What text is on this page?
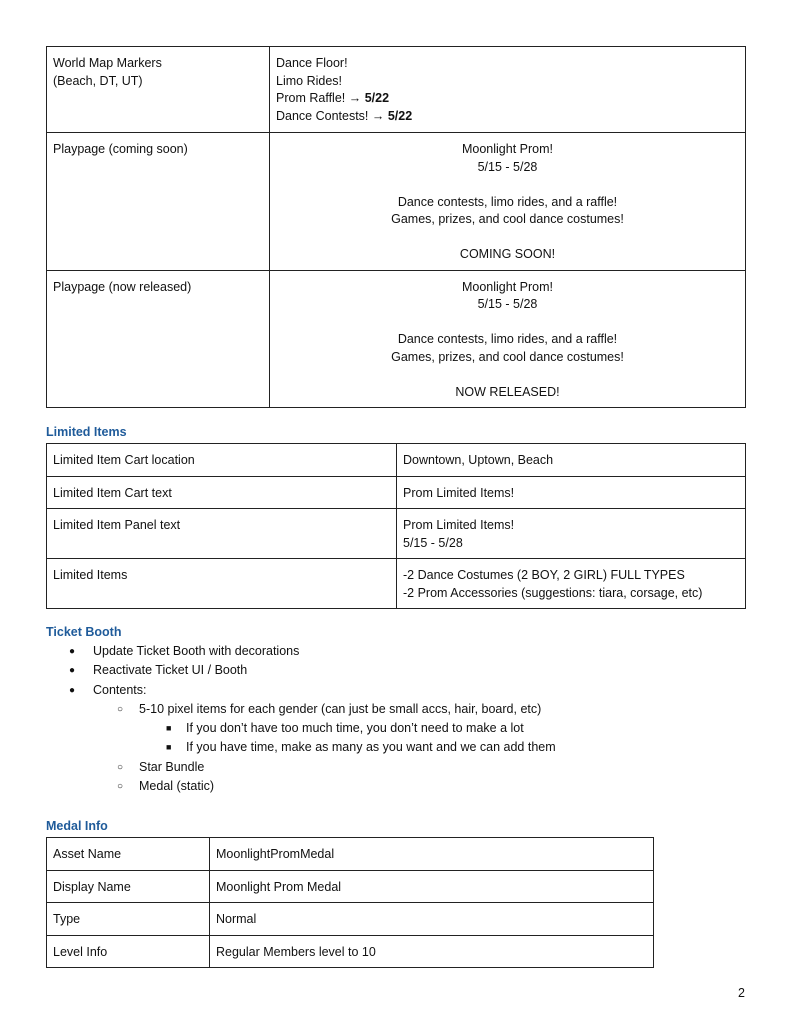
World Map Markers
(Beach, DT, UT)	Dance Floor!
Limo Rides!
Prom Raffle! → 5/22
Dance Contests! → 5/22

Playpage (coming soon)	Moonlight Prom!
5/15 - 5/28
Dance contests, limo rides, and a raffle!
Games, prizes, and cool dance costumes!
COMING SOON!

Playpage (now released)	Moonlight Prom!
5/15 - 5/28
Dance contests, limo rides, and a raffle!
Games, prizes, and cool dance costumes!
NOW RELEASED!
Limited Items
Limited Item Cart location	Downtown, Uptown, Beach
Limited Item Cart text	Prom Limited Items!
Limited Item Panel text	Prom Limited Items!
5/15 - 5/28

Limited Items	-2 Dance Costumes (2 BOY, 2 GIRL) FULL TYPES
-2 Prom Accessories (suggestions: tiara, corsage, etc)
Ticket Booth
● Update Ticket Booth with decorations
● Reactivate Ticket UI / Booth
● Contents:
○ 5-10 pixel items for each gender (can just be small accs, hair, board, etc)
■ If you don’t have too much time, you don’t need to make a lot
■ If you have time, make as many as you want and we can add them
○ Star Bundle
○ Medal (static)
Medal Info
Asset Name	MoonlightPromMedal
Display Name	Moonlight Prom Medal
Type	Normal
Level Info	Regular Members level to 10
2
